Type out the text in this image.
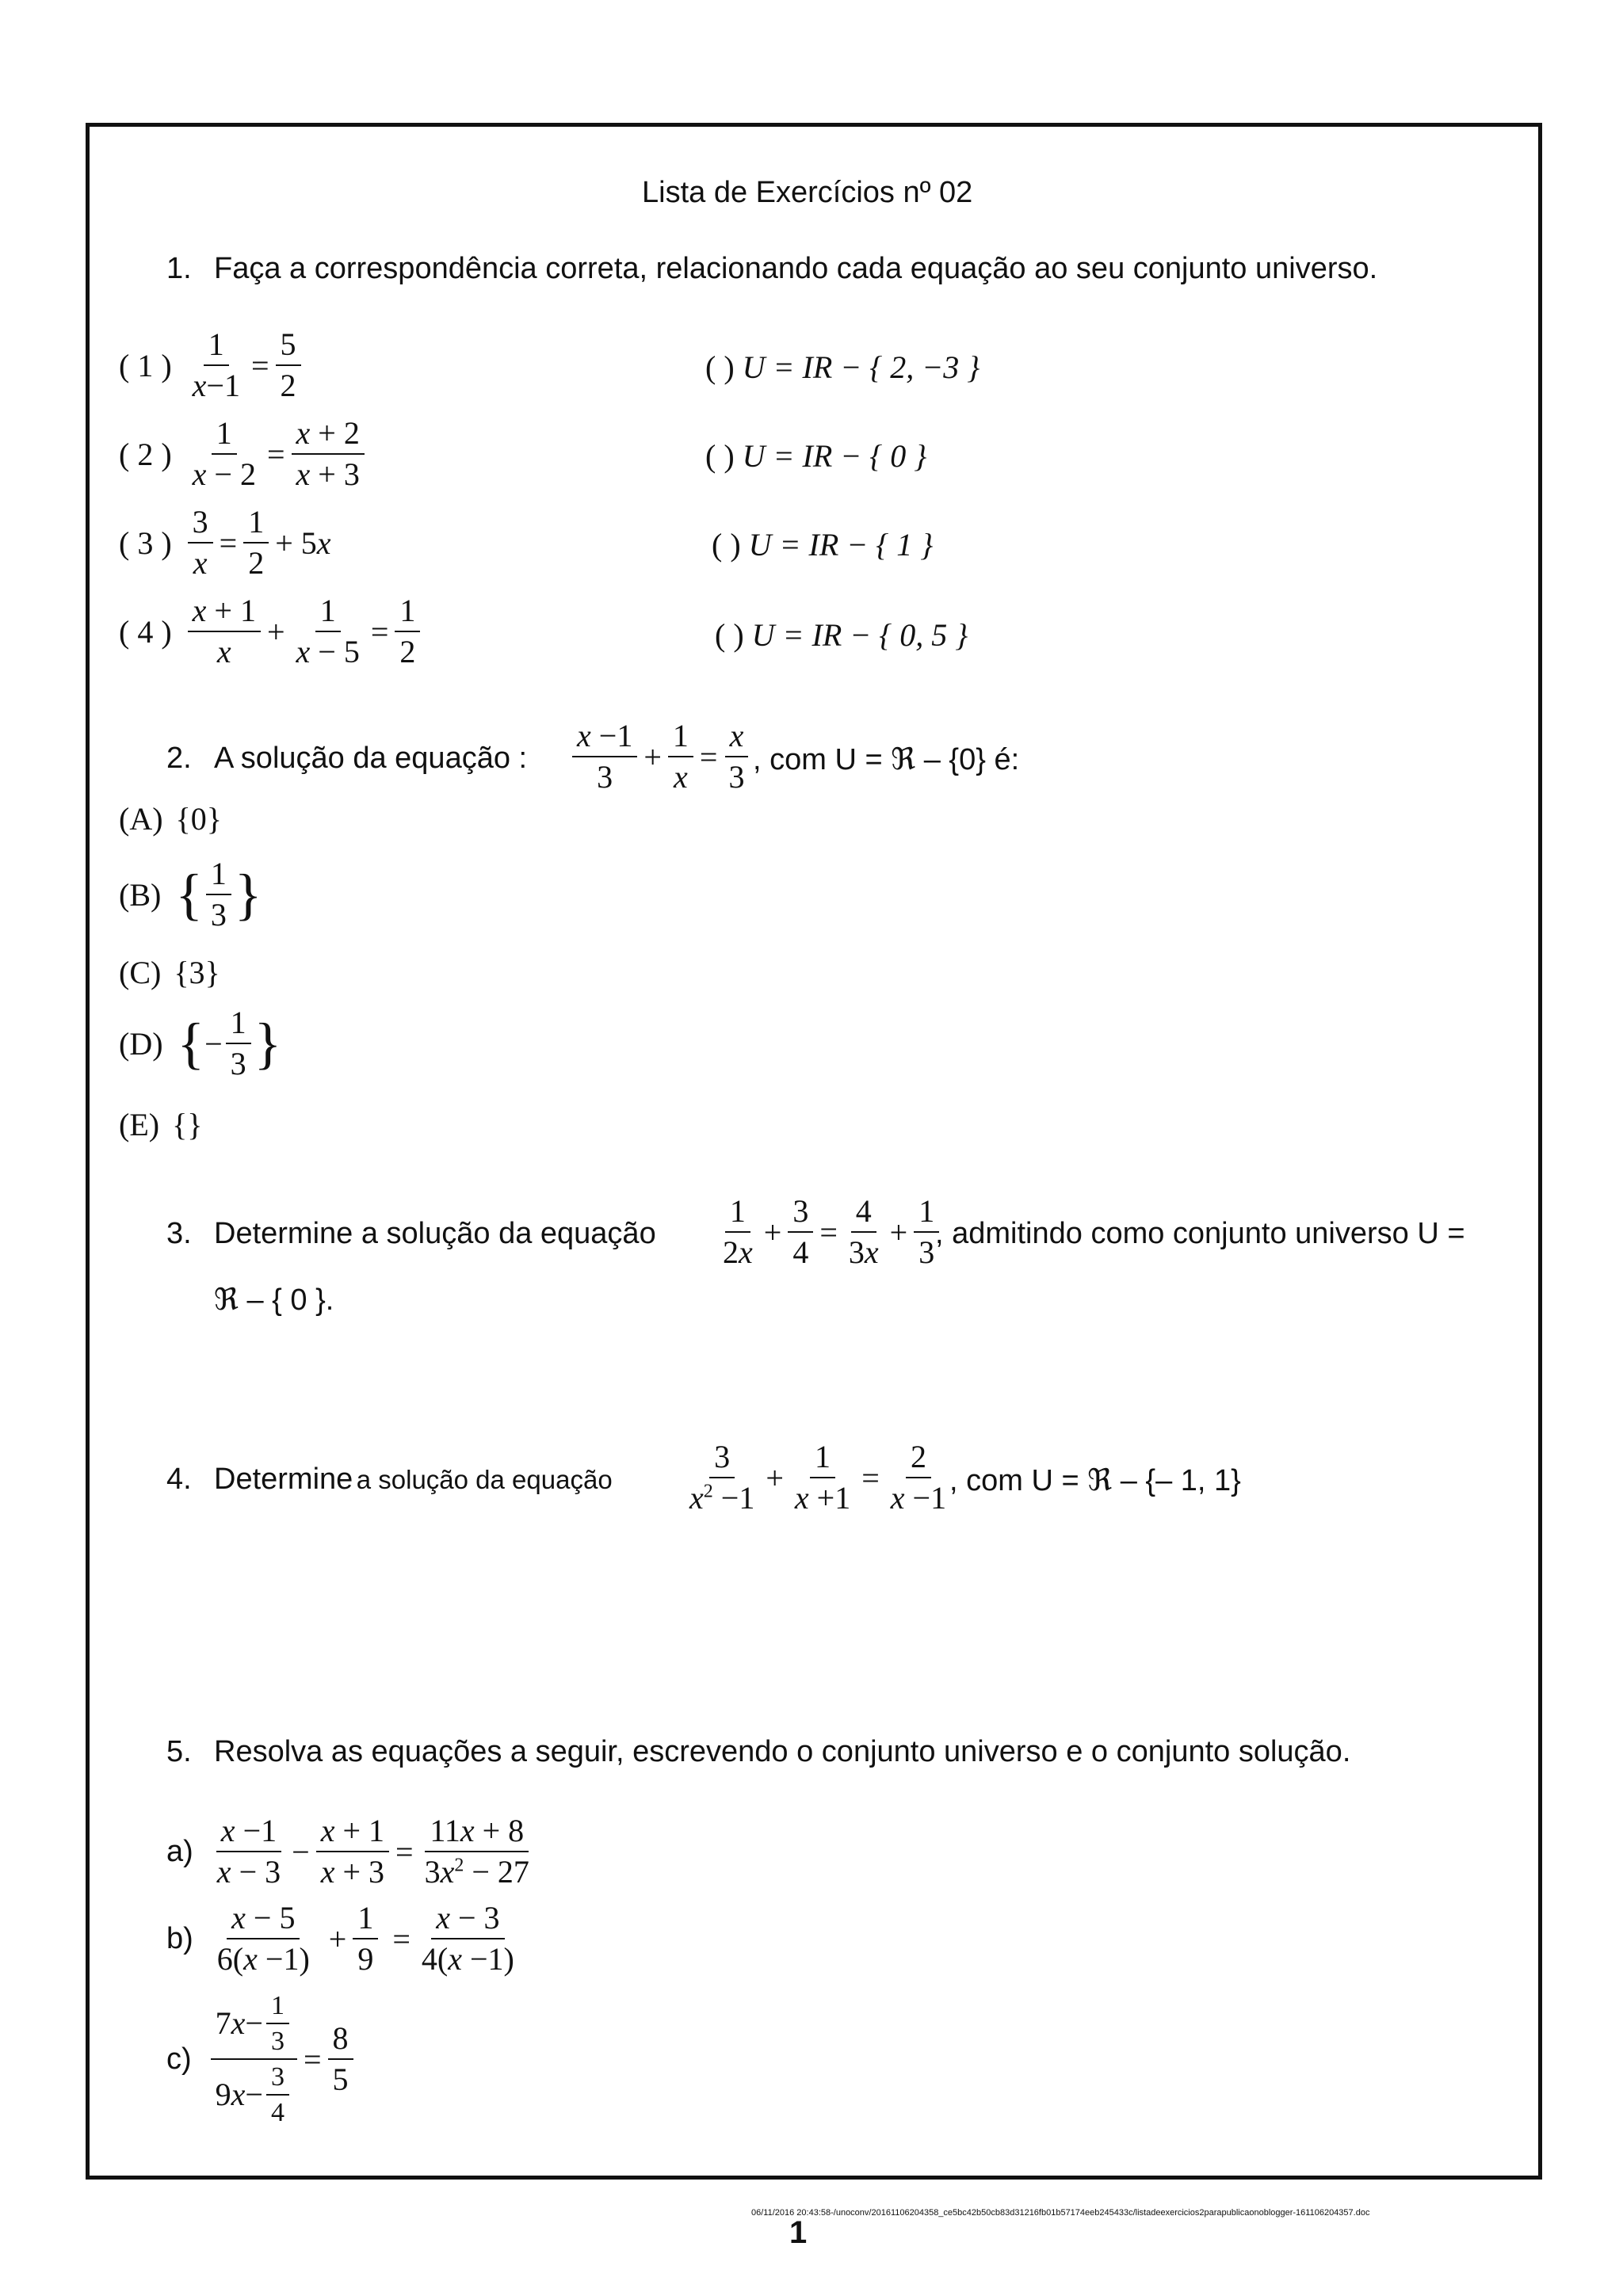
Lista de Exercícios nº 02
1. Faça a correspondência correta, relacionando cada equação ao seu conjunto universo.
( 1 ) $\frac{1}{x-1} = \frac{5}{2}$
( 2 ) $\frac{1}{x - 2} = \frac{x + 2}{x + 3}$
( 3 ) $\frac{3}{x} = \frac{1}{2} + 5x$
( 4 ) $\frac{x + 1}{x} + \frac{1}{x - 5} = \frac{1}{2}$
( ) U = IR − { 2, −3 }
( ) U = IR − { 0 }
( ) U = IR − { 1 }
( ) U = IR − { 0, 5 }
2. A solução da equação : $\frac{x -1}{3} + \frac{1}{x} = \frac{x}{3}$ , com U = ℜ – {0} é:
(A) { 0 }
(B) { $\frac{1}{3}$ }
(C) { 3 }
(D) { − $\frac{1}{3}$ }
(E) { }
3. Determine a solução da equação $\frac{1}{2x} + \frac{3}{4} = \frac{4}{3x} + \frac{1}{3}$
, admitindo como conjunto universo U =
ℜ – { 0 }.
4. Determine a solução da equação $\frac{3}{x^2 -1} + \frac{1}{x +1} = \frac{2}{x -1}$
, com U = ℜ – {– 1, 1}
5. Resolva as equações a seguir, escrevendo o conjunto universo e o conjunto solução.
$a) \frac{x -1}{x - 3} - \frac{x + 1}{x + 3} = \frac{11x + 8}{3x^2 - 27}$
$b) \frac{x - 5}{6(x -1)} + \frac{1}{9} = \frac{x - 3}{4(x -1)}$
$c) \frac{7 x - \frac{1}{3}}{9 x - \frac{3}{4}} = \frac{8}{5}$
06/11/2016 20:43:58-/unoconv/20161106204358_ce5bc42b50cb83d31216fb01b57174eeb245433c/listadeexercicios2parapublicaonoblogger-161106204357.doc
1
